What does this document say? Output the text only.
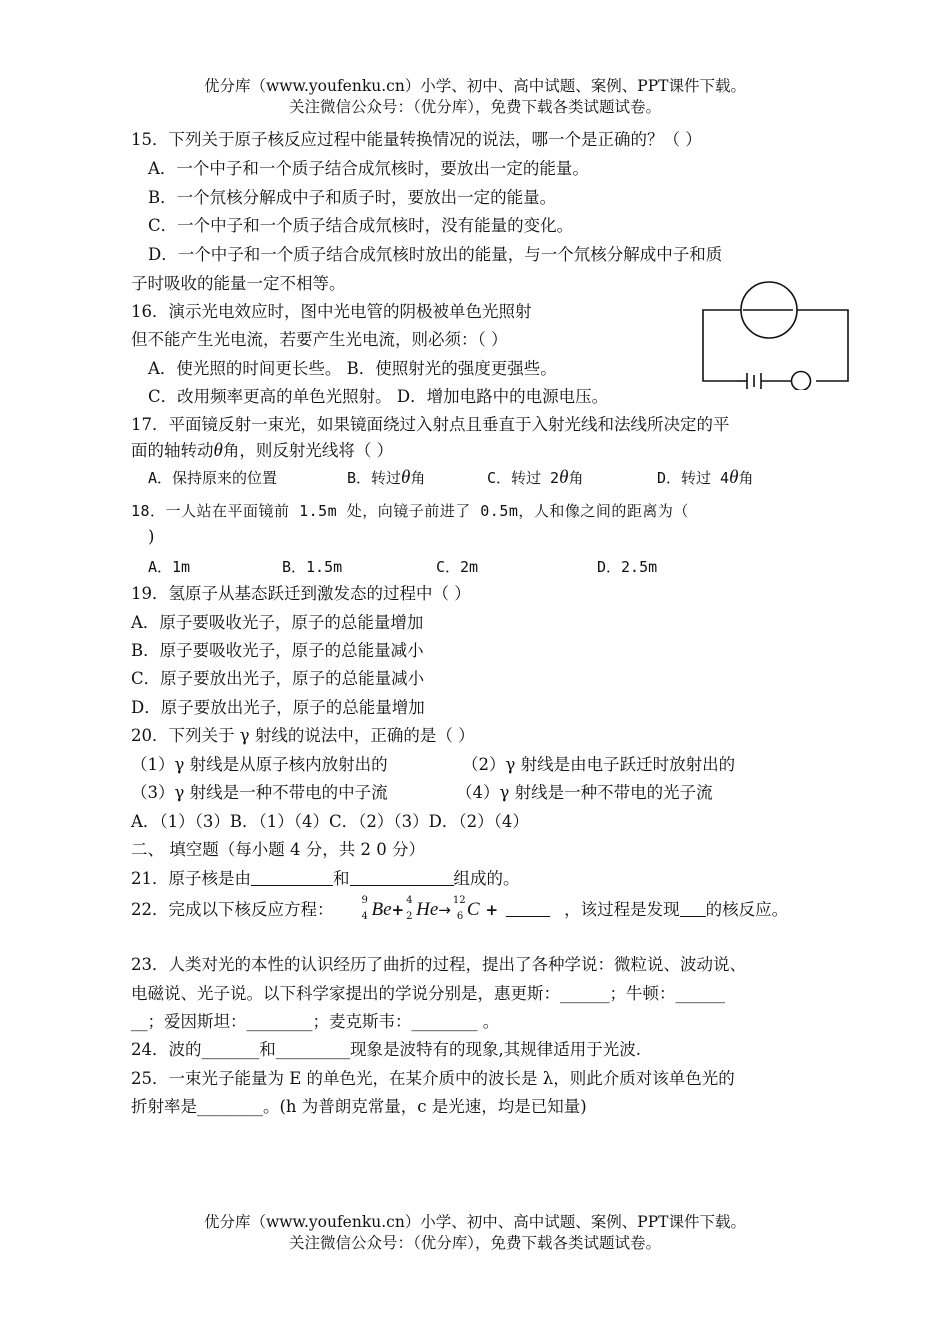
优分库（www.youfenku.cn）小学、初中、高中试题、案例、PPT课件下载。
关注微信公众号：（优分库），免费下载各类试题试卷。
15．下列关于原子核反应过程中能量转换情况的说法，哪一个是正确的？（ ）
A．一个中子和一个质子结合成氘核时，要放出一定的能量。
B．一个氘核分解成中子和质子时，要放出一定的能量。
C．一个中子和一个质子结合成氘核时，没有能量的变化。
D．一个中子和一个质子结合成氘核时放出的能量，与一个氘核分解成中子和质
子时吸收的能量一定不相等。
16．演示光电效应时，图中光电管的阴极被单色光照射
但不能产生光电流，若要产生光电流，则必须：（ ）
A．使光照的时间更长些。 B．使照射光的强度更强些。
C．改用频率更高的单色光照射。 D．增加电路中的电源电压。
17．平面镜反射一束光，如果镜面绕过入射点且垂直于入射光线和法线所决定的平
面的轴转动θ角，则反射光线将（ ）
A．保持原来的位置	B．转过θ角	C．转过 2θ角	D．转过 4θ角
18．一人站在平面镜前 1.5m 处，向镜子前进了 0.5m，人和像之间的距离为（
)
A．1m	B．1.5m	C．2m	D．2.5m
19．氢原子从基态跃迁到激发态的过程中（ ）
A．原子要吸收光子，原子的总能量增加
B．原子要吸收光子，原子的总能量减小
C．原子要放出光子，原子的总能量减小
D．原子要放出光子，原子的总能量增加
20．下列关于 γ 射线的说法中，正确的是（ ）
（1）γ 射线是从原子核内放射出的	（2）γ 射线是由电子跃迁时放射出的
（3）γ 射线是一种不带电的中子流	（4）γ 射线是一种不带电的光子流
A．（1）（3）B．（1）（4）C．（2）（3）D．（2）（4）
二、 填空题（每小题 4 分，共 2 0 分）
21．原子核是由	和	组成的。
22．完成以下核反应方程：	9
4 Be+
4
2 He→
12
6 C +	，该过程是发现 的核反应。
23．人类对光的本性的认识经历了曲折的过程，提出了各种学说：微粒说、波动说、
电磁说、光子说。以下科学家提出的学说分别是，惠更斯：______；牛顿：______
__；爱因斯坦：________；麦克斯韦：________ 。
24．波的_______和_________现象是波特有的现象,其规律适用于光波.
25．一束光子能量为 E 的单色光，在某介质中的波长是 λ，则此介质对该单色光的
折射率是________。(h 为普朗克常量，c 是光速，均是已知量)
优分库（www.youfenku.cn）小学、初中、高中试题、案例、PPT课件下载。
关注微信公众号：（优分库），免费下载各类试题试卷。
